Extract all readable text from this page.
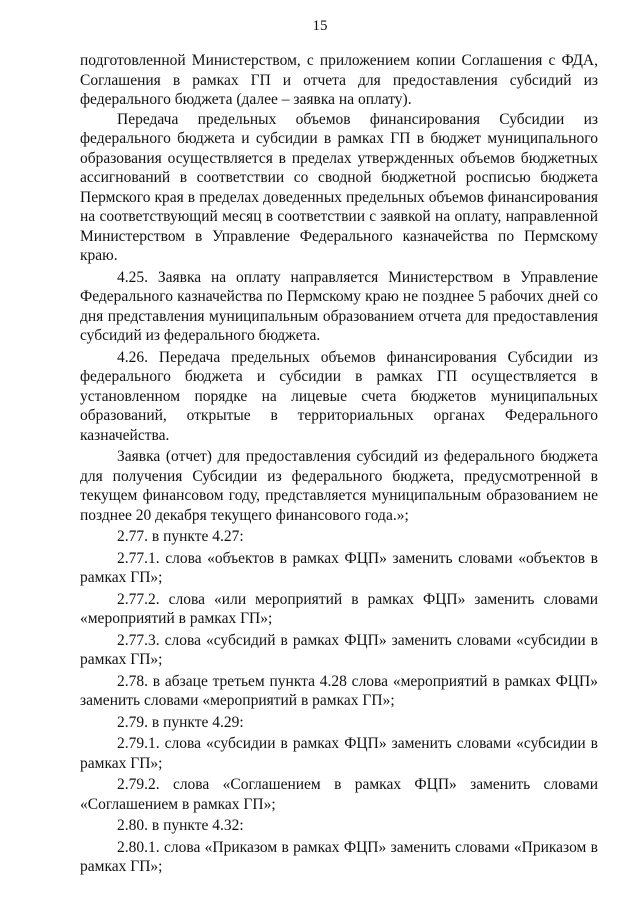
15

подготовленной Министерством, с приложением копии Соглашения с ФДА, Соглашения в рамках ГП и отчета для предоставления субсидий из федерального бюджета (далее – заявка на оплату).

Передача предельных объемов финансирования Субсидии из федерального бюджета и субсидии в рамках ГП в бюджет муниципального образования осуществляется в пределах утвержденных объемов бюджетных ассигнований в соответствии со сводной бюджетной росписью бюджета Пермского края в пределах доведенных предельных объемов финансирования на соответствующий месяц в соответствии с заявкой на оплату, направленной Министерством в Управление Федерального казначейства по Пермскому краю.

4.25. Заявка на оплату направляется Министерством в Управление Федерального казначейства по Пермскому краю не позднее 5 рабочих дней со дня представления муниципальным образованием отчета для предоставления субсидий из федерального бюджета.

4.26. Передача предельных объемов финансирования Субсидии из федерального бюджета и субсидии в рамках ГП осуществляется в установленном порядке на лицевые счета бюджетов муниципальных образований, открытые в территориальных органах Федерального казначейства.

Заявка (отчет) для предоставления субсидий из федерального бюджета для получения Субсидии из федерального бюджета, предусмотренной в текущем финансовом году, представляется муниципальным образованием не позднее 20 декабря текущего финансового года.»;

2.77. в пункте 4.27:

2.77.1. слова «объектов в рамках ФЦП» заменить словами «объектов в рамках ГП»;

2.77.2. слова «или мероприятий в рамках ФЦП» заменить словами «мероприятий в рамках ГП»;

2.77.3. слова «субсидий в рамках ФЦП» заменить словами «субсидии в рамках ГП»;

2.78. в абзаце третьем пункта 4.28 слова «мероприятий в рамках ФЦП» заменить словами «мероприятий в рамках ГП»;

2.79. в пункте 4.29:

2.79.1. слова «субсидии в рамках ФЦП» заменить словами «субсидии в рамках ГП»;

2.79.2. слова «Соглашением в рамках ФЦП» заменить словами «Соглашением в рамках ГП»;

2.80. в пункте 4.32:

2.80.1. слова «Приказом в рамках ФЦП» заменить словами «Приказом в рамках ГП»;
